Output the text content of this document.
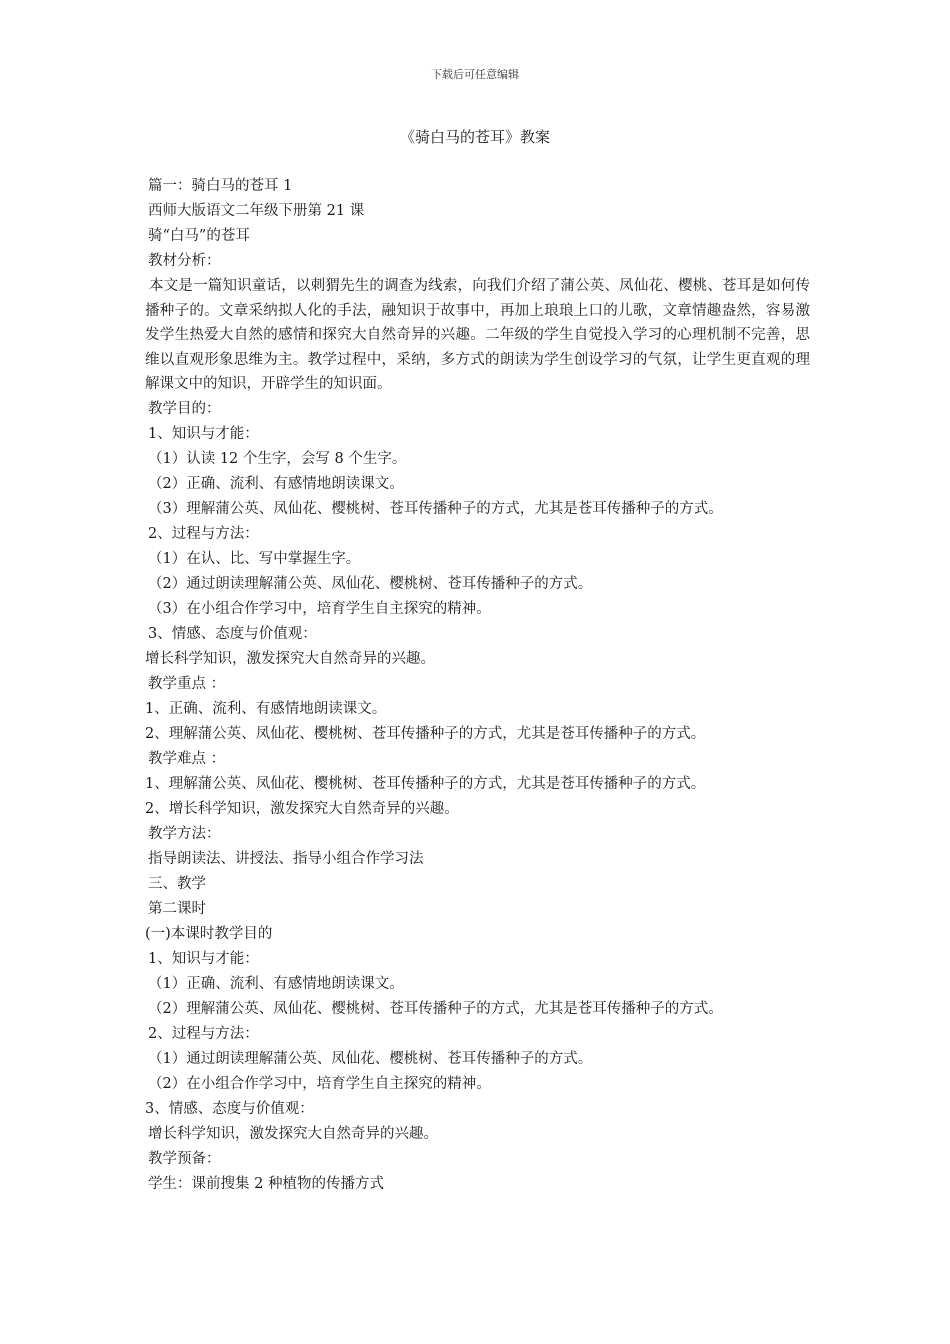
下载后可任意编辑
《骑白马的苍耳》教案
篇一：骑白马的苍耳 1
西师大版语文二年级下册第 21 课
骑“白马”的苍耳
教材分析：
本文是一篇知识童话，以刺猬先生的调查为线索，向我们介绍了蒲公英、凤仙花、樱桃、苍耳是如何传播种子的。文章采纳拟人化的手法，融知识于故事中，再加上琅琅上口的儿歌，文章情趣盎然，容易激发学生热爱大自然的感情和探究大自然奇异的兴趣。二年级的学生自觉投入学习的心理机制不完善，思维以直观形象思维为主。教学过程中，采纳，多方式的朗读为学生创设学习的气氛，让学生更直观的理解课文中的知识，开辟学生的知识面。
教学目的：
1、知识与才能：
（1）认读 12 个生字，会写 8 个生字。
（2）正确、流利、有感情地朗读课文。
（3）理解蒲公英、凤仙花、樱桃树、苍耳传播种子的方式，尤其是苍耳传播种子的方式。
2、过程与方法：
（1）在认、比、写中掌握生字。
（2）通过朗读理解蒲公英、凤仙花、樱桃树、苍耳传播种子的方式。
（3）在小组合作学习中，培育学生自主探究的精神。
3、情感、态度与价值观：
增长科学知识，激发探究大自然奇异的兴趣。
教学重点 ：
1、正确、流利、有感情地朗读课文。
2、理解蒲公英、凤仙花、樱桃树、苍耳传播种子的方式，尤其是苍耳传播种子的方式。
教学难点 ：
1、理解蒲公英、凤仙花、樱桃树、苍耳传播种子的方式，尤其是苍耳传播种子的方式。
2、增长科学知识，激发探究大自然奇异的兴趣。
教学方法：
指导朗读法、讲授法、指导小组合作学习法
三、教学
第二课时
(一)本课时教学目的
1、知识与才能：
（1）正确、流利、有感情地朗读课文。
（2）理解蒲公英、凤仙花、樱桃树、苍耳传播种子的方式，尤其是苍耳传播种子的方式。
2、过程与方法：
（1）通过朗读理解蒲公英、凤仙花、樱桃树、苍耳传播种子的方式。
（2）在小组合作学习中，培育学生自主探究的精神。
3、情感、态度与价值观：
增长科学知识，激发探究大自然奇异的兴趣。
教学预备：
学生：课前搜集 2 种植物的传播方式
